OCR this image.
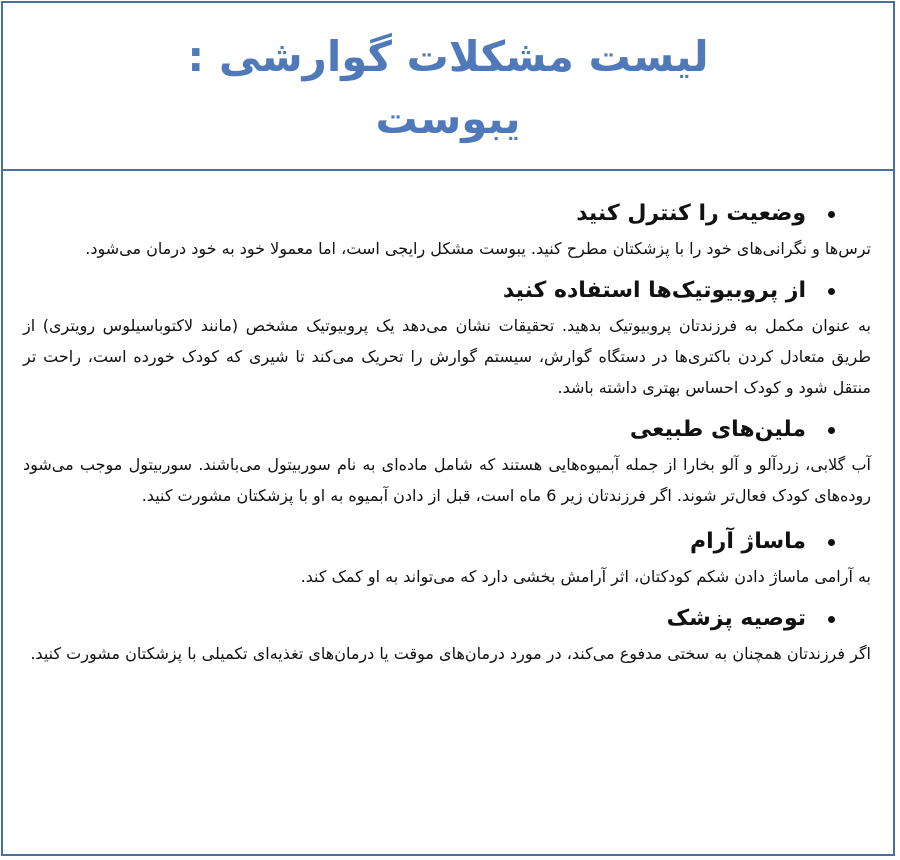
لیست مشکلات گوارشی :
یبوست
وضعیت را کنترل کنید

ترس‌ها و نگرانی‌های خود را با پزشکتان مطرح کنید. یبوست مشکل رایجی است، اما معمولا خود به خود درمان می‌شود.

از پروبیوتیک‌ها استفاده کنید

به عنوان مکمل به فرزندتان پروبیوتیک بدهید. تحقیقات نشان می‌دهد یک پروبیوتیک مشخص (مانند لاکتوباسیلوس رویتری) از طریق متعادل کردن باکتری‌ها در دستگاه گوارش، سیستم گوارش را تحریک می‌کند تا شیری که کودک خورده است، راحت تر منتقل شود و کودک احساس بهتری داشته باشد.

ملین‌های طبیعی

آب گلابی، زردآلو و آلو بخارا از جمله آبمیوه‌هایی هستند که شامل ماده‌ای به نام سوربیتول می‌باشند. سوربیتول موجب می‌شود روده‌های کودک فعال‌تر شوند. اگر فرزندتان زیر 6 ماه است، قبل از دادن آبمیوه به او با پزشکتان مشورت کنید.

ماساژ آرام

به آرامی ماساژ دادن شکم کودکتان، اثر آرامش بخشی دارد که می‌تواند به او کمک کند.

توصیه پزشک

اگر فرزندتان همچنان به سختی مدفوع می‌کند، در مورد درمان‌های موقت یا درمان‌های تغذیه‌ای تکمیلی با پزشکتان مشورت کنید.
